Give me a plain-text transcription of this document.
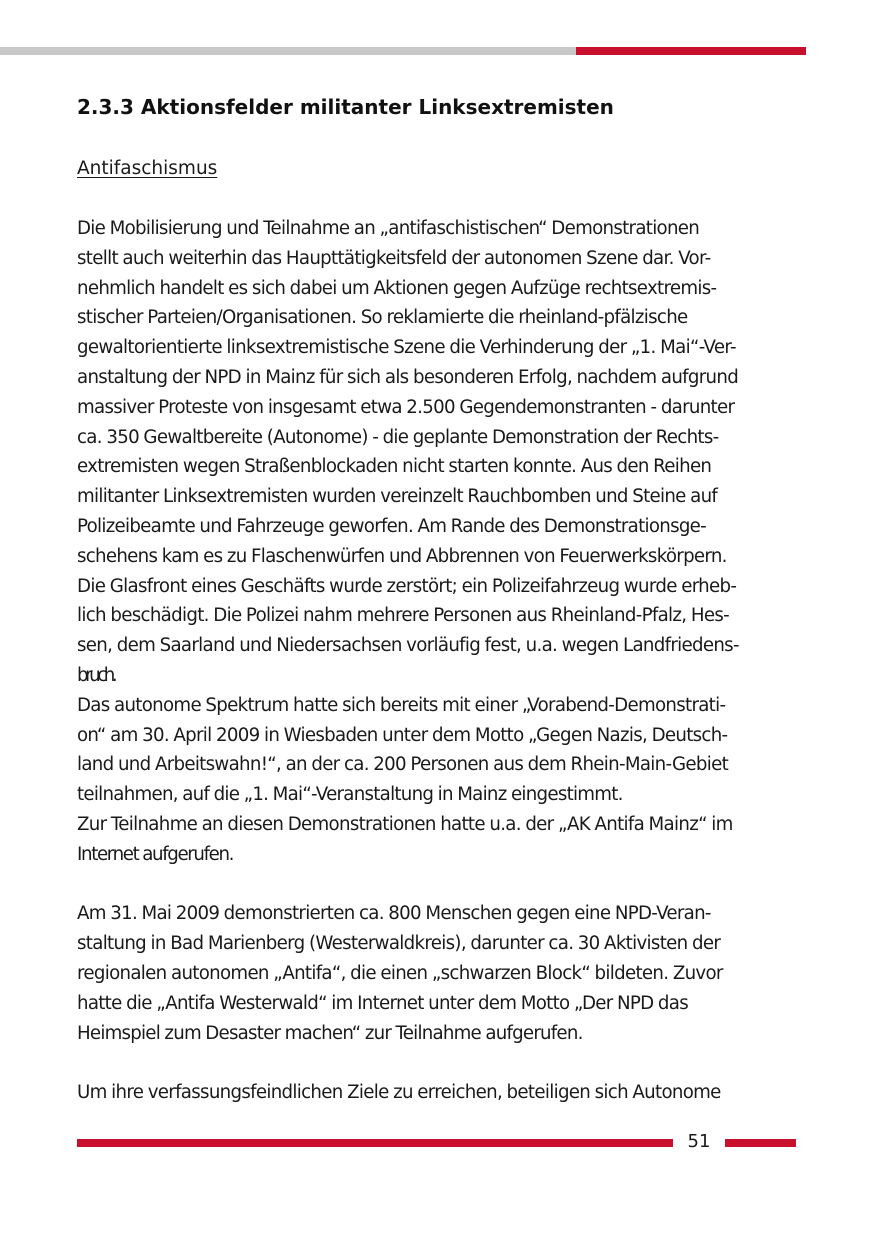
2.3.3 Aktionsfelder militanter Linksextremisten
Antifaschismus
Die Mobilisierung und Teilnahme an „antifaschistischen“ Demonstrationen
stellt auch weiterhin das Haupttätigkeitsfeld der autonomen Szene dar. Vor-
nehmlich handelt es sich dabei um Aktionen gegen Aufzüge rechtsextremis-
stischer Parteien/Organisationen. So reklamierte die rheinland-pfälzische
gewaltorientierte linksextremistische Szene die Verhinderung der „1. Mai“-Ver-
anstaltung der NPD in Mainz für sich als besonderen Erfolg, nachdem aufgrund
massiver Proteste von insgesamt etwa 2.500 Gegendemonstranten - darunter
ca. 350 Gewaltbereite (Autonome) - die geplante Demonstration der Rechts-
extremisten wegen Straßenblockaden nicht starten konnte. Aus den Reihen
militanter Linksextremisten wurden vereinzelt Rauchbomben und Steine auf
Polizeibeamte und Fahrzeuge geworfen. Am Rande des Demonstrationsge-
schehens kam es zu Flaschenwürfen und Abbrennen von Feuerwerkskörpern.
Die Glasfront eines Geschäfts wurde zerstört; ein Polizeifahrzeug wurde erheb-
lich beschädigt. Die Polizei nahm mehrere Personen aus Rheinland-Pfalz, Hes-
sen, dem Saarland und Niedersachsen vorläufig fest, u.a. wegen Landfriedens-
bruch.
Das autonome Spektrum hatte sich bereits mit einer „Vorabend-Demonstrati-
on“ am 30. April 2009 in Wiesbaden unter dem Motto „Gegen Nazis, Deutsch-
land und Arbeitswahn!“, an der ca. 200 Personen aus dem Rhein-Main-Gebiet
teilnahmen, auf die „1. Mai“-Veranstaltung in Mainz eingestimmt.
Zur Teilnahme an diesen Demonstrationen hatte u.a. der „AK Antifa Mainz“ im
Internet aufgerufen.
Am 31. Mai 2009 demonstrierten ca. 800 Menschen gegen eine NPD-Veran-
staltung in Bad Marienberg (Westerwaldkreis), darunter ca. 30 Aktivisten der
regionalen autonomen „Antifa“, die einen „schwarzen Block“ bildeten. Zuvor
hatte die „Antifa Westerwald“ im Internet unter dem Motto „Der NPD das
Heimspiel zum Desaster machen“ zur Teilnahme aufgerufen.
Um ihre verfassungsfeindlichen Ziele zu erreichen, beteiligen sich Autonome
51
